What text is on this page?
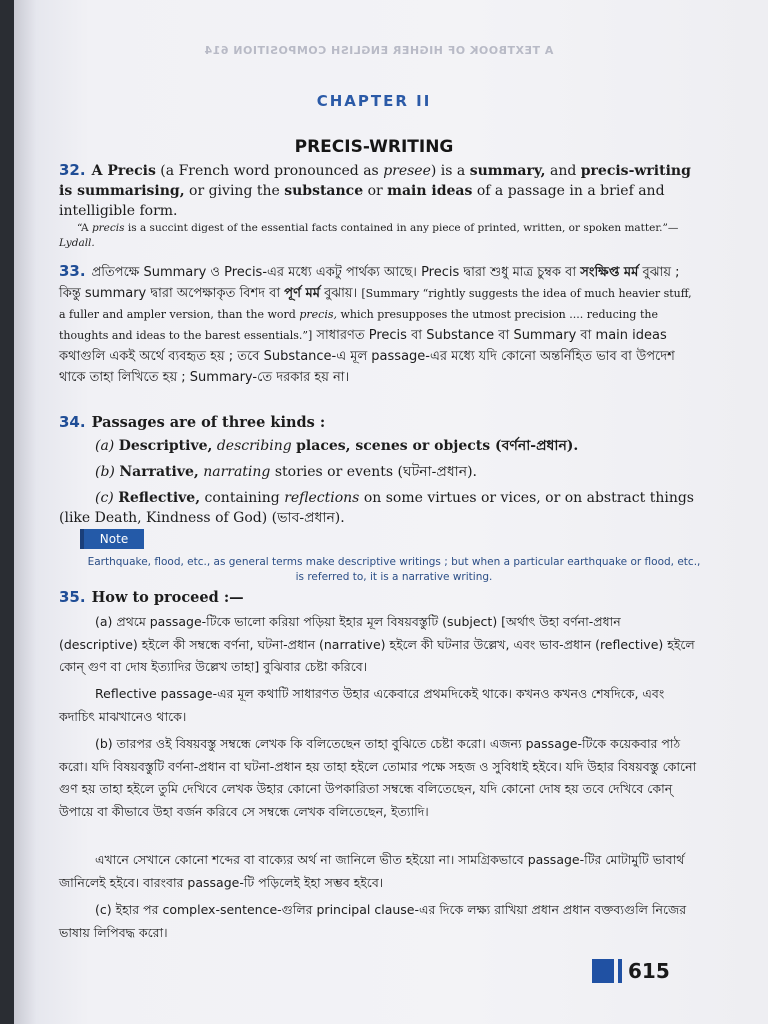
A TEXTBOOK OF HIGHER ENGLISH COMPOSITION 614
CHAPTER II
PRECIS-WRITING
32. A Precis (a French word pronounced as presee) is a summary, and precis-writing is summarising, or giving the substance or main ideas of a passage in a brief and intelligible form.
“A precis is a succint digest of the essential facts contained in any piece of printed, written, or spoken matter.”—Lydall.
33. প্রতিপক্ষে Summary ও Precis-এর মধ্যে একটু পার্থক্য আছে। Precis দ্বারা শুধু মাত্র চুম্বক বা সংক্ষিপ্ত মর্ম বুঝায় ; কিন্তু summary দ্বারা অপেক্ষাকৃত বিশদ বা পূর্ণ মর্ম বুঝায়। [Summary “rightly suggests the idea of much heavier stuff, a fuller and ampler version, than the word precis, which presupposes the utmost precision .... reducing the thoughts and ideas to the barest essentials.”] সাধারণত Precis বা Substance বা Summary বা main ideas কথাগুলি একই অর্থে ব্যবহৃত হয় ; তবে Substance-এ মূল passage-এর মধ্যে যদি কোনো অন্তর্নিহিত ভাব বা উপদেশ থাকে তাহা লিখিতে হয় ; Summary-তে দরকার হয় না।
34. Passages are of three kinds :
(a) Descriptive, describing places, scenes or objects (বর্ণনা-প্রধান).
(b) Narrative, narrating stories or events (ঘটনা-প্রধান).
(c) Reflective, containing reflections on some virtues or vices, or on abstract things (like Death, Kindness of God) (ভাব-প্রধান).
Note
Earthquake, flood, etc., as general terms make descriptive writings ; but when a particular earthquake or flood, etc., is referred to, it is a narrative writing.
35. How to proceed :—
(a) প্রথমে passage-টিকে ভালো করিয়া পড়িয়া ইহার মূল বিষয়বস্তুটি (subject) [অর্থাৎ উহা বর্ণনা-প্রধান (descriptive) হইলে কী সম্বন্ধে বর্ণনা, ঘটনা-প্রধান (narrative) হইলে কী ঘটনার উল্লেখ, এবং ভাব-প্রধান (reflective) হইলে কোন্ গুণ বা দোষ ইত্যাদির উল্লেখ তাহা] বুঝিবার চেষ্টা করিবে।
Reflective passage-এর মূল কথাটি সাধারণত উহার একেবারে প্রথমদিকেই থাকে। কখনও কখনও শেষদিকে, এবং কদাচিৎ মাঝখানেও থাকে।
(b) তারপর ওই বিষয়বস্তু সম্বন্ধে লেখক কি বলিতেছেন তাহা বুঝিতে চেষ্টা করো। এজন্য passage-টিকে কয়েকবার পাঠ করো। যদি বিষয়বস্তুটি বর্ণনা-প্রধান বা ঘটনা-প্রধান হয় তাহা হইলে তোমার পক্ষে সহজ ও সুবিধাই হইবে। যদি উহার বিষয়বস্তু কোনো গুণ হয় তাহা হইলে তুমি দেখিবে লেখক উহার কোনো উপকারিতা সম্বন্ধে বলিতেছেন, যদি কোনো দোষ হয় তবে দেখিবে কোন্ উপায়ে বা কীভাবে উহা বর্জন করিবে সে সম্বন্ধে লেখক বলিতেছেন, ইত্যাদি।
এখানে সেখানে কোনো শব্দের বা বাক্যের অর্থ না জানিলে ভীত হইয়ো না। সামগ্রিকভাবে passage-টির মোটামুটি ভাবার্থ জানিলেই হইবে। বারংবার passage-টি পড়িলেই ইহা সম্ভব হইবে।
(c) ইহার পর complex-sentence-গুলির principal clause-এর দিকে লক্ষ্য রাখিয়া প্রধান প্রধান বক্তব্যগুলি নিজের ভাষায় লিপিবদ্ধ করো।
615
